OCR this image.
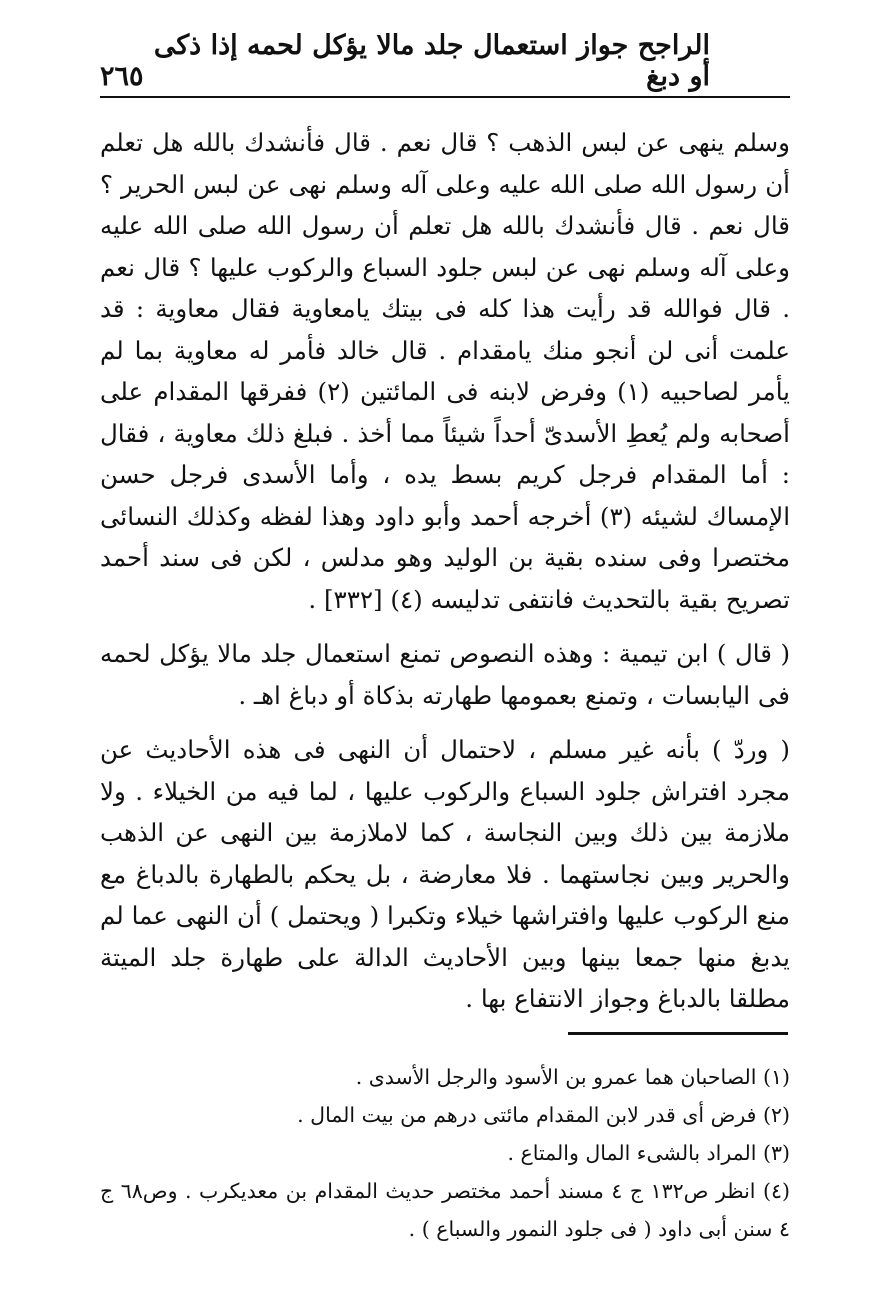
الراجح جواز استعمال جلد مالا يؤكل لحمه إذا ذكى أو دبغ
٢٦٥

وسلم ينهى عن لبس الذهب ؟ قال نعم . قال فأنشدك بالله هل تعلم أن رسول الله صلى الله عليه وعلى آله وسلم نهى عن لبس الحرير ؟ قال نعم . قال فأنشدك بالله هل تعلم أن رسول الله صلى الله عليه وعلى آله وسلم نهى عن لبس جلود السباع والركوب عليها ؟ قال نعم . قال فوالله قد رأيت هذا كله فى بيتك يامعاوية فقال معاوية : قد علمت أنى لن أنجو منك يامقدام . قال خالد فأمر له معاوية بما لم يأمر لصاحبيه (١) وفرض لابنه فى المائتين (٢) ففرقها المقدام على أصحابه ولم يُعطِ الأسدىّ أحداً شيئاً مما أخذ . فبلغ ذلك معاوية ، فقال : أما المقدام فرجل كريم بسط يده ، وأما الأسدى فرجل حسن الإمساك لشيئه (٣) أخرجه أحمد وأبو داود وهذا لفظه وكذلك النسائى مختصرا وفى سنده بقية بن الوليد وهو مدلس ، لكن فى سند أحمد تصريح بقية بالتحديث فانتفى تدليسه (٤) [٣٣٢] .

( قال ) ابن تيمية : وهذه النصوص تمنع استعمال جلد مالا يؤكل لحمه فى اليابسات ، وتمنع بعمومها طهارته بذكاة أو دباغ اهـ .

( وردّ ) بأنه غير مسلم ، لاحتمال أن النهى فى هذه الأحاديث عن مجرد افتراش جلود السباع والركوب عليها ، لما فيه من الخيلاء . ولا ملازمة بين ذلك وبين النجاسة ، كما لاملازمة بين النهى عن الذهب والحرير وبين نجاستهما . فلا معارضة ، بل يحكم بالطهارة بالدباغ مع منع الركوب عليها وافتراشها خيلاء وتكبرا ( ويحتمل ) أن النهى عما لم يدبغ منها جمعا بينها وبين الأحاديث الدالة على طهارة جلد الميتة مطلقا بالدباغ وجواز الانتفاع بها .

(١) الصاحبان هما عمرو بن الأسود والرجل الأسدى .

(٢) فرض أى قدر لابن المقدام مائتى درهم من بيت المال .

(٣) المراد بالشىء المال والمتاع .

(٤) انظر ص١٣٢ ج ٤ مسند أحمد مختصر حديث المقدام بن معديكرب . وص٦٨ ج ٤ سنن أبى داود ( فى جلود النمور والسباع ) .
